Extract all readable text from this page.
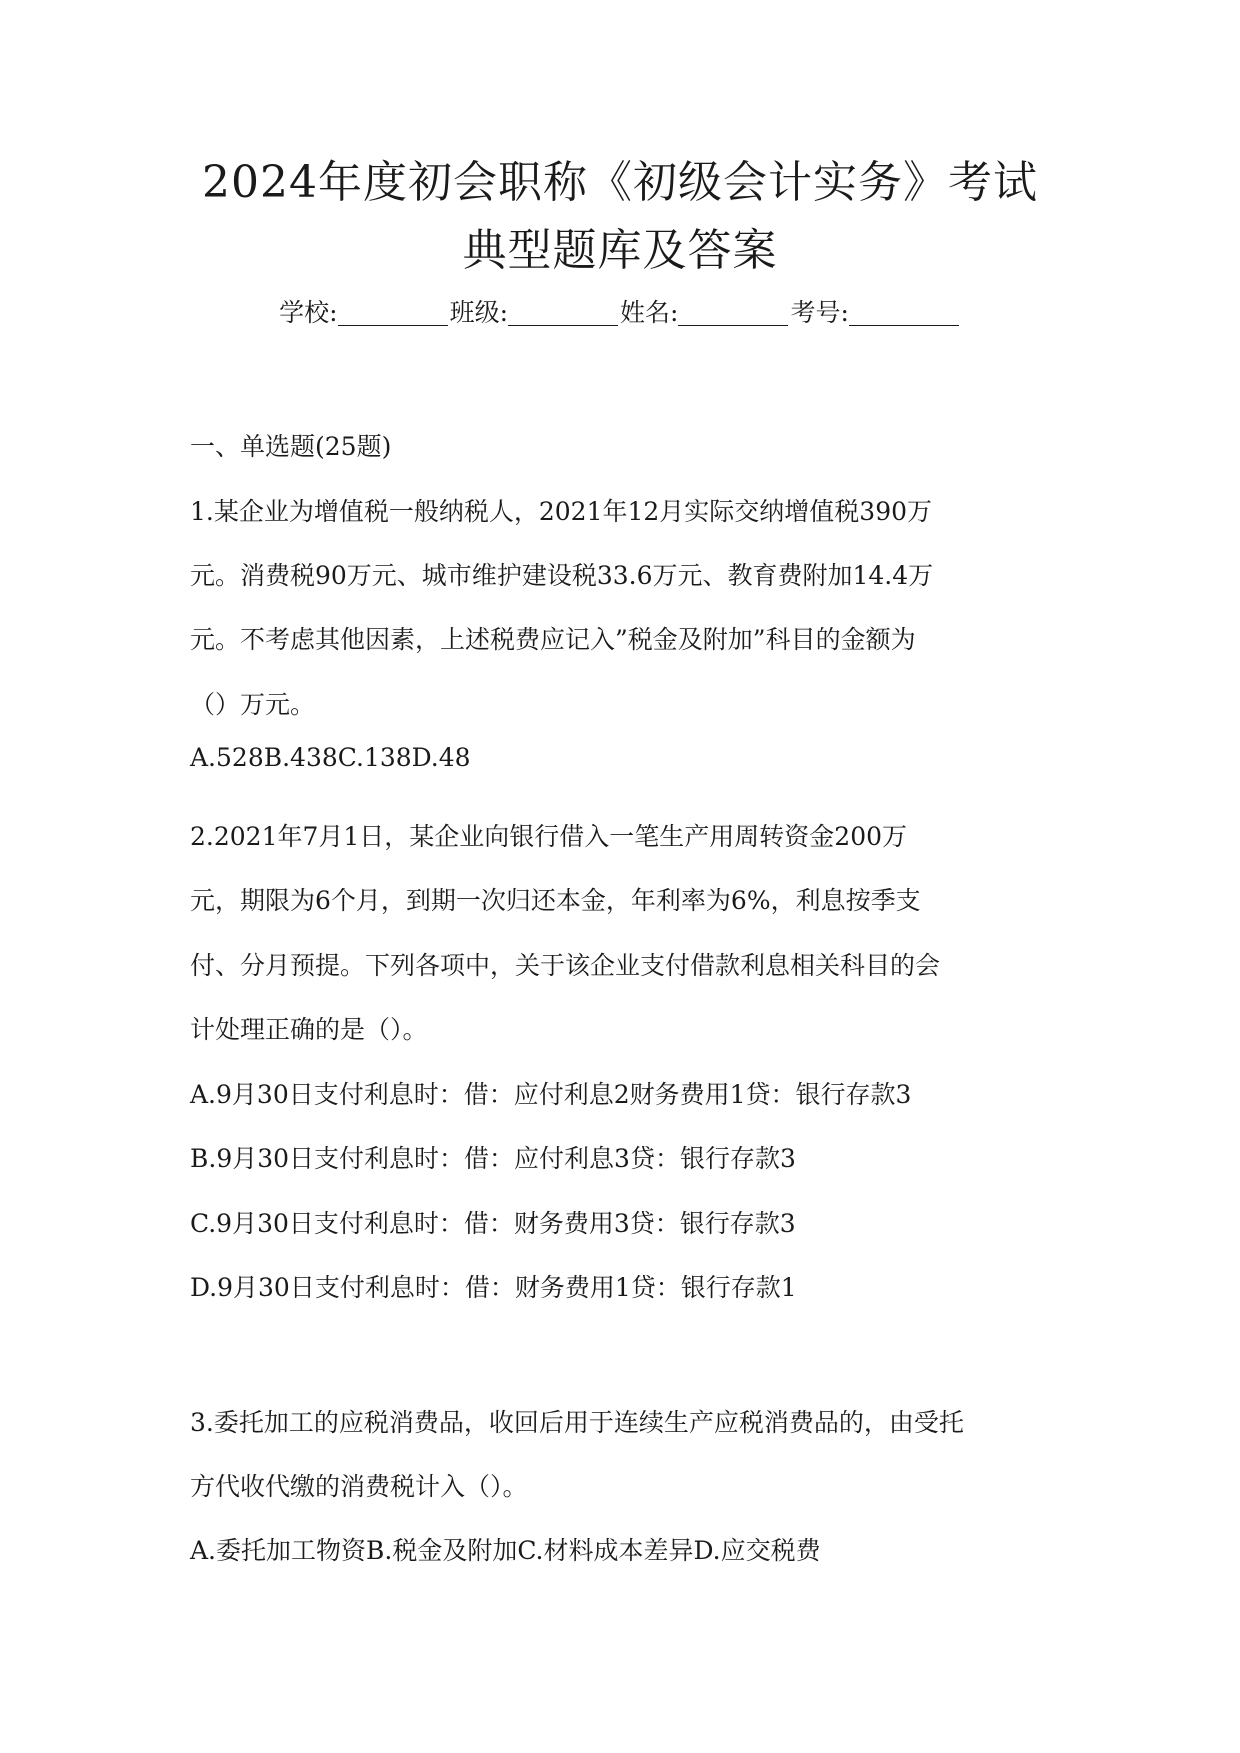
2024年度初会职称《初级会计实务》考试
典型题库及答案
学校:	班级:	姓名:	考号:
一、单选题(25题)
1.某企业为增值税一般纳税人，2021年12月实际交纳增值税390万
元。消费税90万元、城市维护建设税33.6万元、教育费附加14.4万
元。不考虑其他因素，上述税费应记入”税金及附加”科目的金额为
（）万元。
A.528B.438C.138D.48
2.2021年7月1日，某企业向银行借入一笔生产用周转资金200万
元，期限为6个月，到期一次归还本金，年利率为6%，利息按季支
付、分月预提。下列各项中，关于该企业支付借款利息相关科目的会
计处理正确的是（）。
A.9月30日支付利息时：借：应付利息2财务费用1贷：银行存款3
B.9月30日支付利息时：借：应付利息3贷：银行存款3
C.9月30日支付利息时：借：财务费用3贷：银行存款3
D.9月30日支付利息时：借：财务费用1贷：银行存款1
3.委托加工的应税消费品，收回后用于连续生产应税消费品的，由受托
方代收代缴的消费税计入（）。
A.委托加工物资B.税金及附加C.材料成本差异D.应交税费
